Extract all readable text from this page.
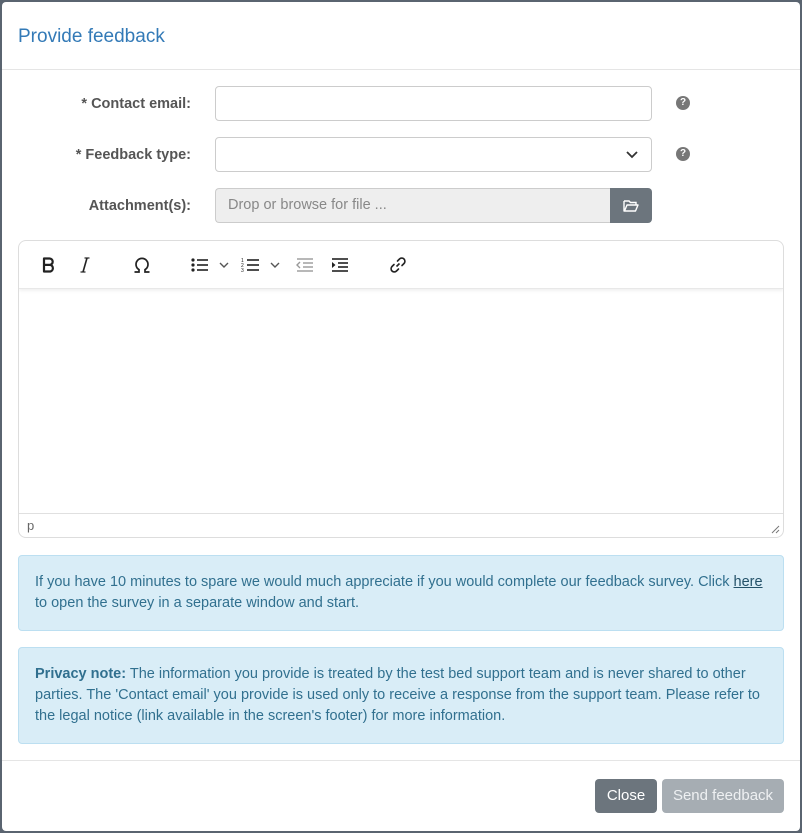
Provide feedback
* Contact email:	?
* Feedback type:	?
Attachment(s):	Drop or browse for file ...
1
2
3
p
If you have 10 minutes to spare we would much appreciate if you would complete our feedback survey. Click here to open the survey in a separate window and start.
Privacy note: The information you provide is treated by the test bed support team and is never shared to other parties. The 'Contact email' you provide is used only to receive a response from the support team. Please refer to the legal notice (link available in the screen's footer) for more information.
Close	Send feedback
